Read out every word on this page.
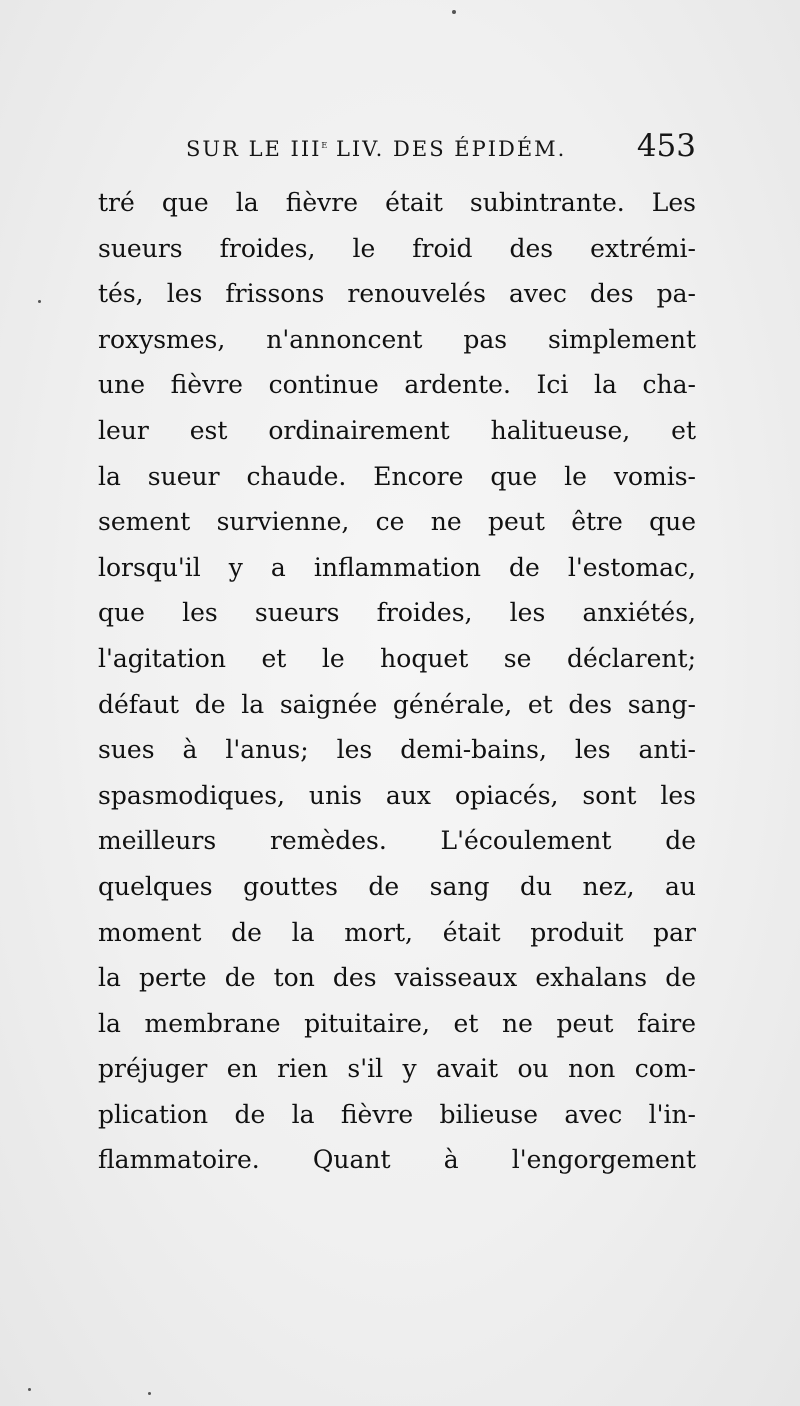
SUR LE IIIe LIV. DES ÉPIDÉM. 453
tré que la fièvre était subintrante. Les
sueurs froides, le froid des extrémi-
tés, les frissons renouvelés avec des pa-
roxysmes, n'annoncent pas simplement
une fièvre continue ardente. Ici la cha-
leur est ordinairement halitueuse, et
la sueur chaude. Encore que le vomis-
sement survienne, ce ne peut être que
lorsqu'il y a inflammation de l'estomac,
que les sueurs froides, les anxiétés,
l'agitation et le hoquet se déclarent;
défaut de la saignée générale, et des sang-
sues à l'anus; les demi-bains, les anti-
spasmodiques, unis aux opiacés, sont les
meilleurs remèdes. L'écoulement de
quelques gouttes de sang du nez, au
moment de la mort, était produit par
la perte de ton des vaisseaux exhalans de
la membrane pituitaire, et ne peut faire
préjuger en rien s'il y avait ou non com-
plication de la fièvre bilieuse avec l'in-
flammatoire. Quant à l'engorgement
